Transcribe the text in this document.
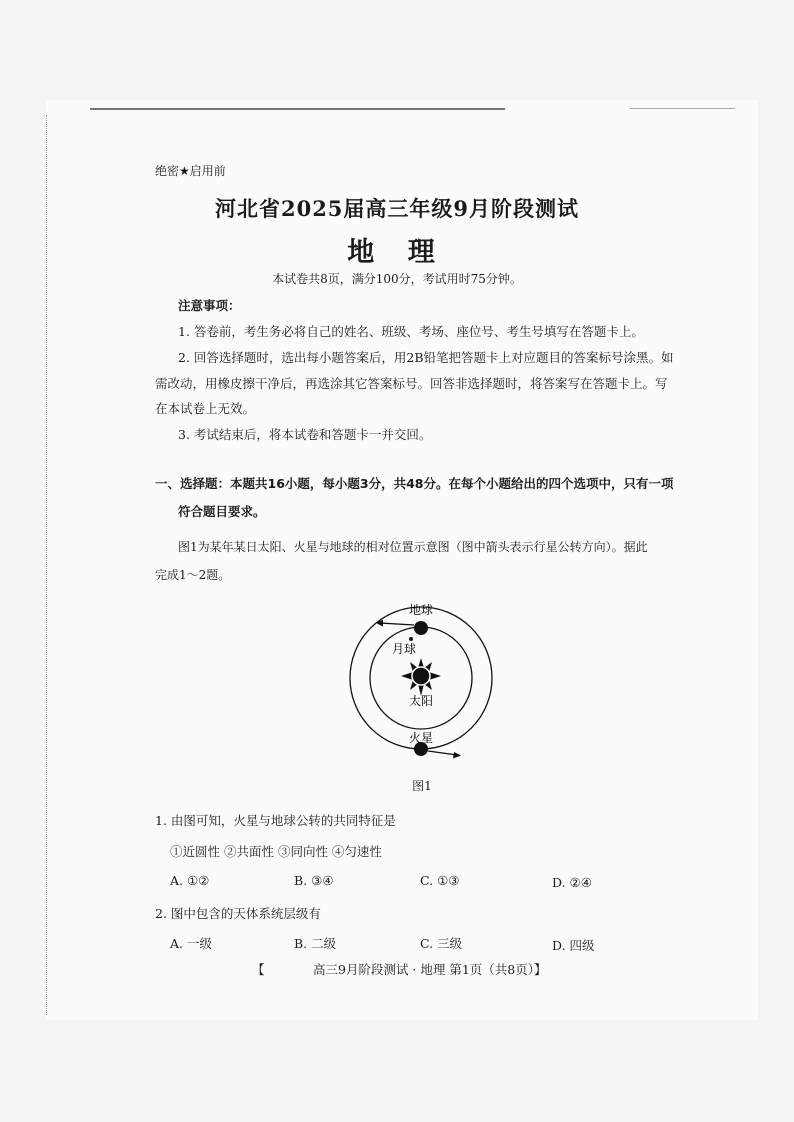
绝密★启用前
河北省2025届高三年级9月阶段测试
地 理
本试卷共8页，满分100分，考试用时75分钟。
注意事项：
1. 答卷前，考生务必将自己的姓名、班级、考场、座位号、考生号填写在答题卡上。
2. 回答选择题时，选出每小题答案后，用2B铅笔把答题卡上对应题目的答案标号涂黑。如
需改动，用橡皮擦干净后，再选涂其它答案标号。回答非选择题时，将答案写在答题卡上。写
在本试卷上无效。
3. 考试结束后，将本试卷和答题卡一并交回。
一、选择题：本题共16小题，每小题3分，共48分。在每个小题给出的四个选项中，只有一项
符合题目要求。
图1为某年某日太阳、火星与地球的相对位置示意图（图中箭头表示行星公转方向）。据此
完成1～2题。
地球
月球
太阳
火星
图1
1. 由图可知，火星与地球公转的共同特征是
①近圆性 ②共面性 ③同向性 ④匀速性
A. ①②	B. ③④	C. ①③	D. ②④
2. 图中包含的天体系统层级有
A. 一级	B. 二级	C. 三级	D. 四级
【	高三9月阶段测试 · 地理 第1页（共8页）】
